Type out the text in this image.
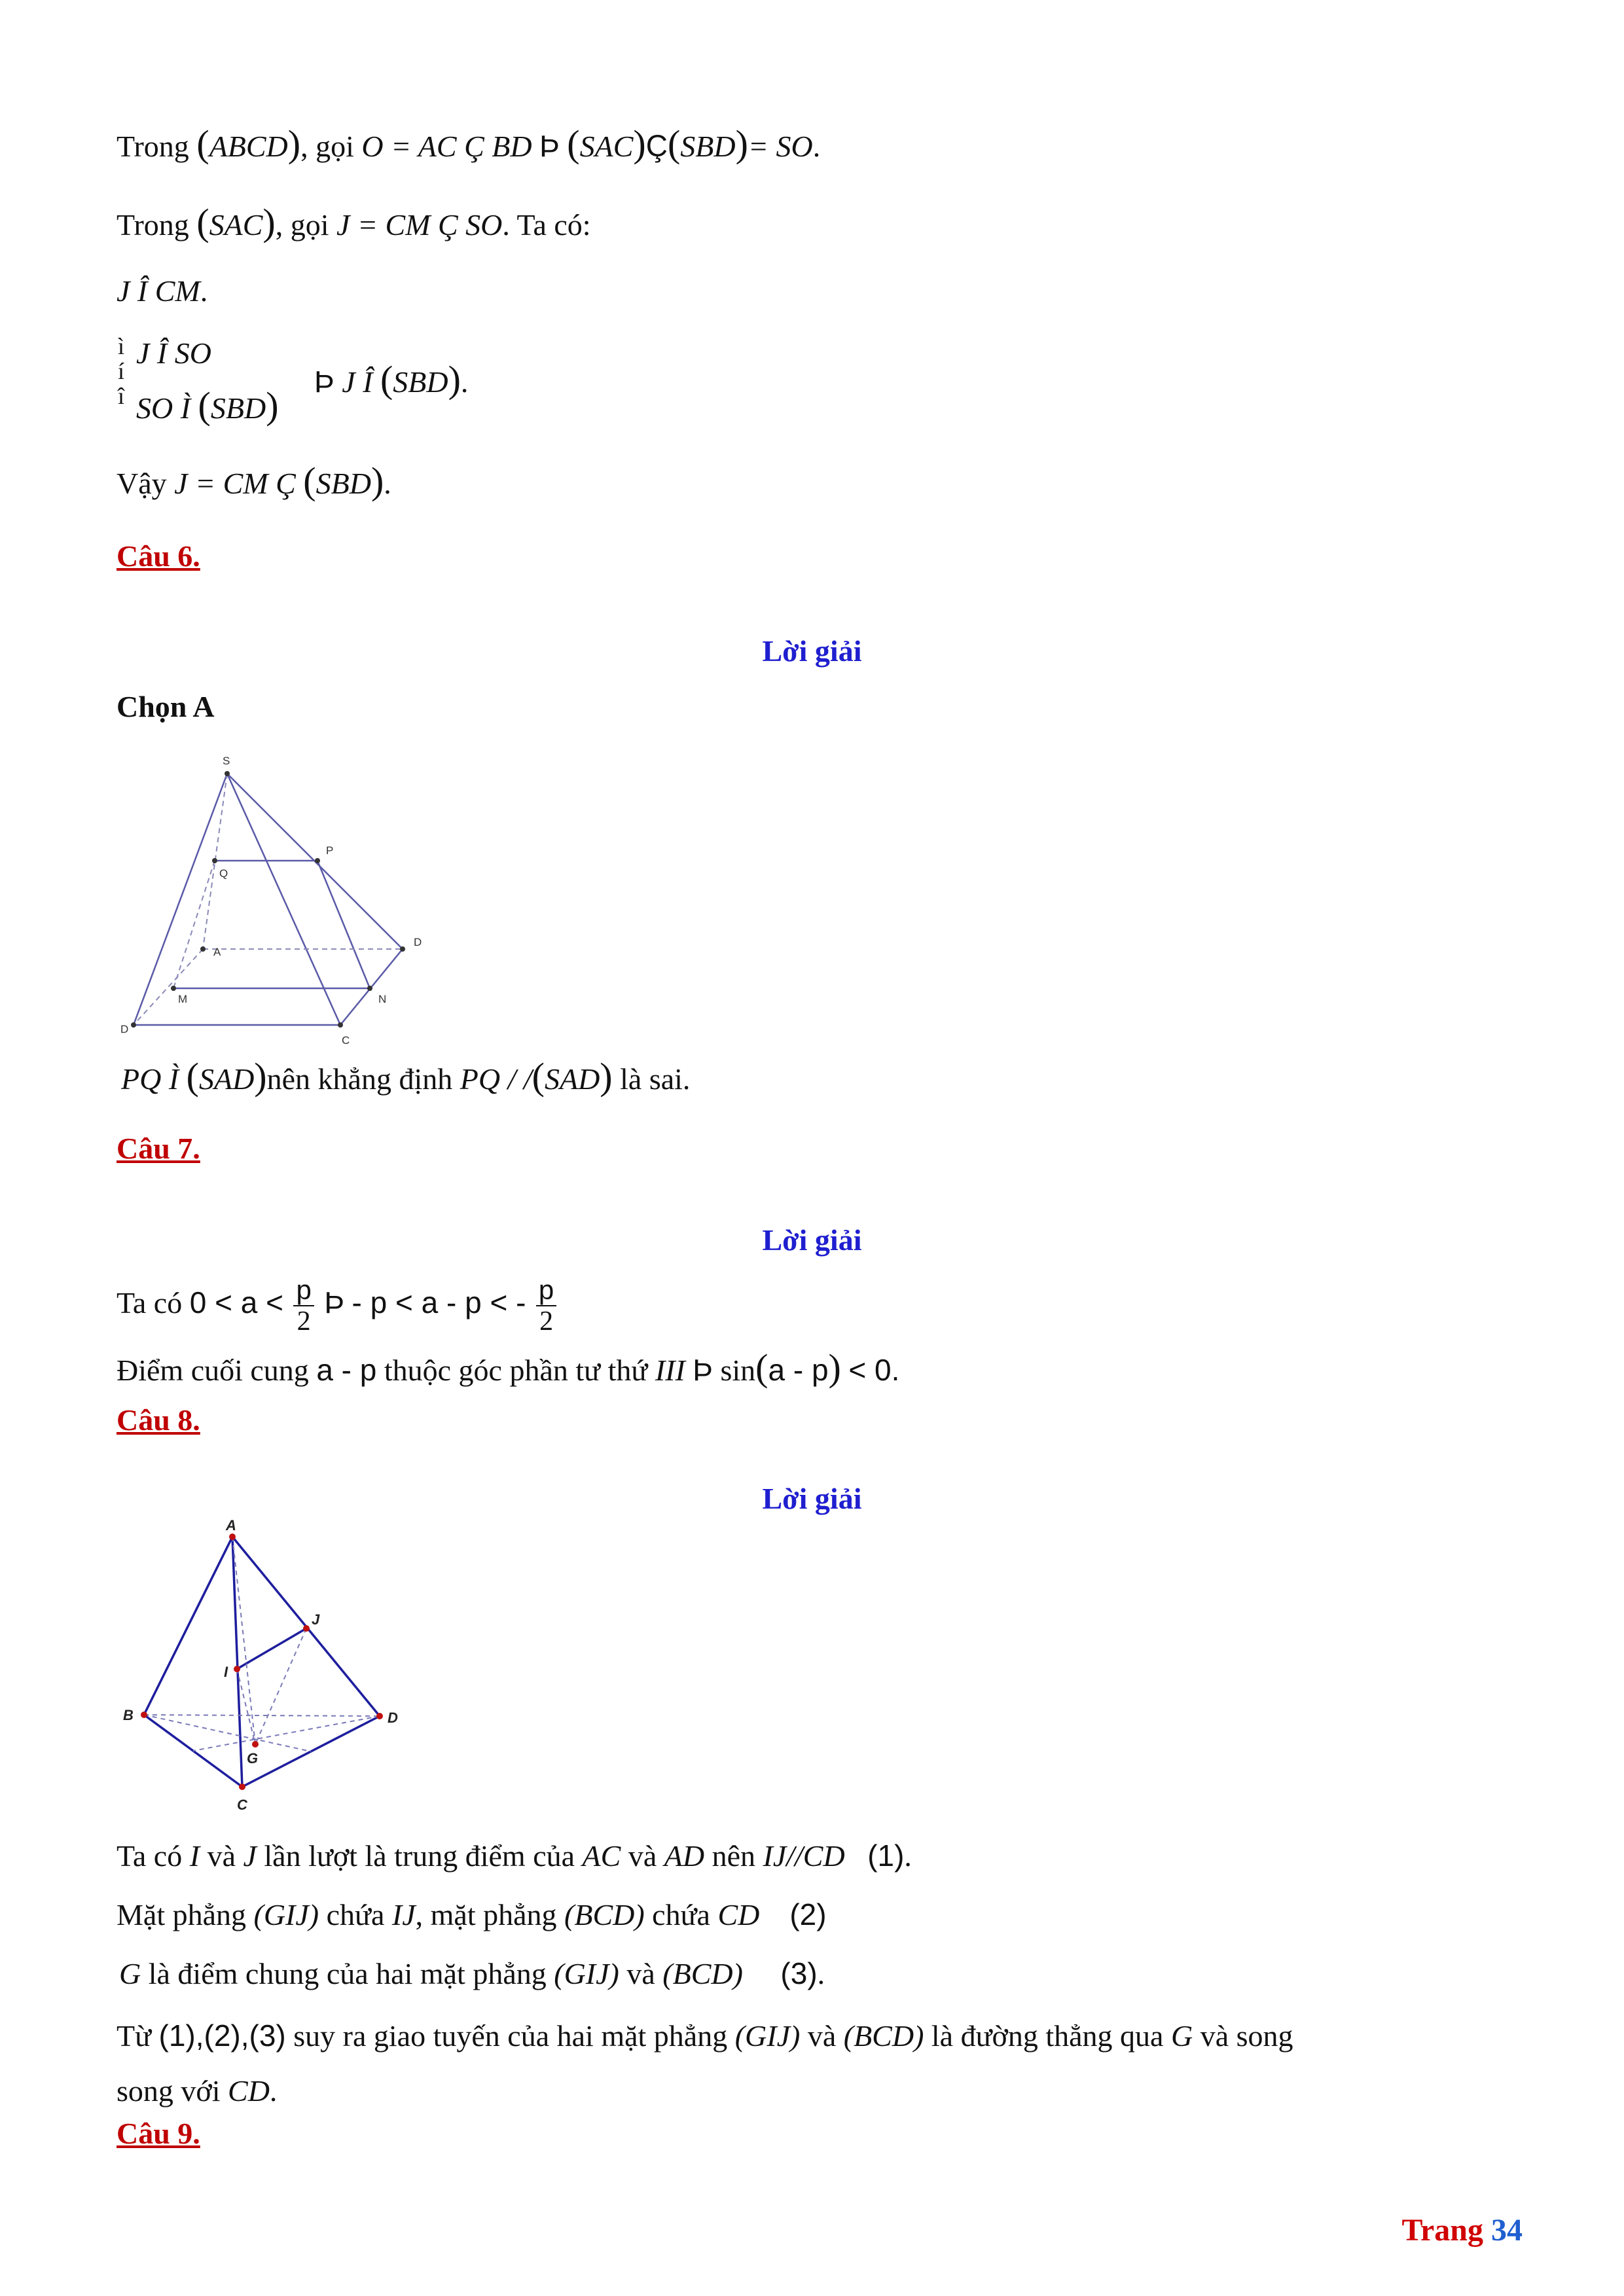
Trong (ABCD), gọi O = AC Ç BD Þ (SAC)Ç(SBD)= SO.
Trong (SAC), gọi J = CM Ç SO. Ta có:
J Î CM.
ì
í
î
J Î SO
SO Ì (SBD)
Þ J Î (SBD).
Vậy J = CM Ç (SBD).
Câu 6.
Lời giải
Chọn A
S
P
Q
D
A
M	N
D
C
PQ Ì (SAD)nên khẳng định PQ / /(SAD) là sai.
Câu 7.
Lời giải
Ta có $0 < a < \frac{p}{2}$ Þ - p < a - p < - $\frac{p}{2}$
Điểm cuối cung a - p thuộc góc phần tư thứ III Þ sin(a - p) < 0.
Câu 8.
Lời giải
A
J
I
B	D
G
C
Ta có I và J lần lượt là trung điểm của AC và AD nên IJ//CD (1).
Mặt phẳng (GIJ) chứa IJ, mặt phẳng (BCD) chứa CD (2)
G là điểm chung của hai mặt phẳng (GIJ) và (BCD) (3).
Từ (1),(2),(3) suy ra giao tuyến của hai mặt phẳng (GIJ) và (BCD) là đường thẳng qua G và song
song với CD.
Câu 9.
Trang 34
